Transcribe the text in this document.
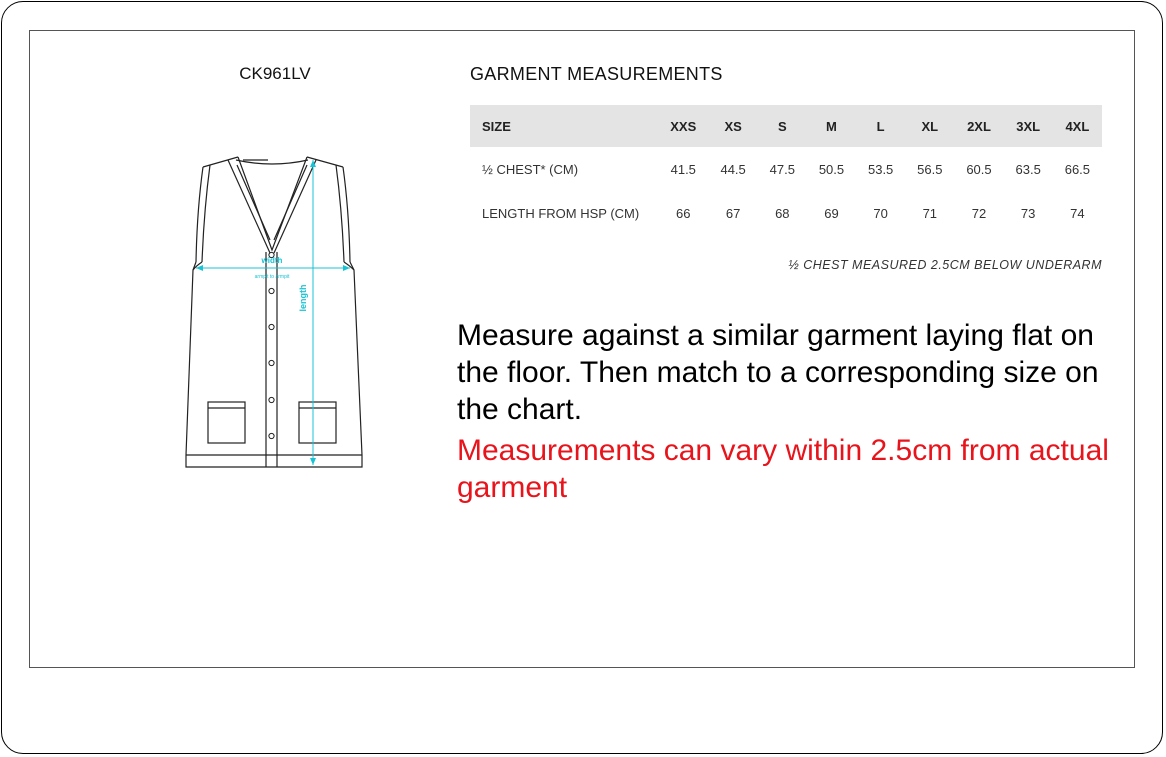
CK961LV
width
armpit to armpit
length
GARMENT MEASUREMENTS
SIZE	XXS	XS	S	M	L	XL	2XL	3XL	4XL
½ CHEST* (CM)	41.5	44.5	47.5	50.5	53.5	56.5	60.5	63.5	66.5
LENGTH FROM HSP (CM)	66	67	68	69	70	71	72	73	74
½ CHEST MEASURED 2.5CM BELOW UNDERARM
Measure against a similar garment laying flat on the floor. Then match to a corresponding size on the chart.
Measurements can vary within 2.5cm from actual garment
